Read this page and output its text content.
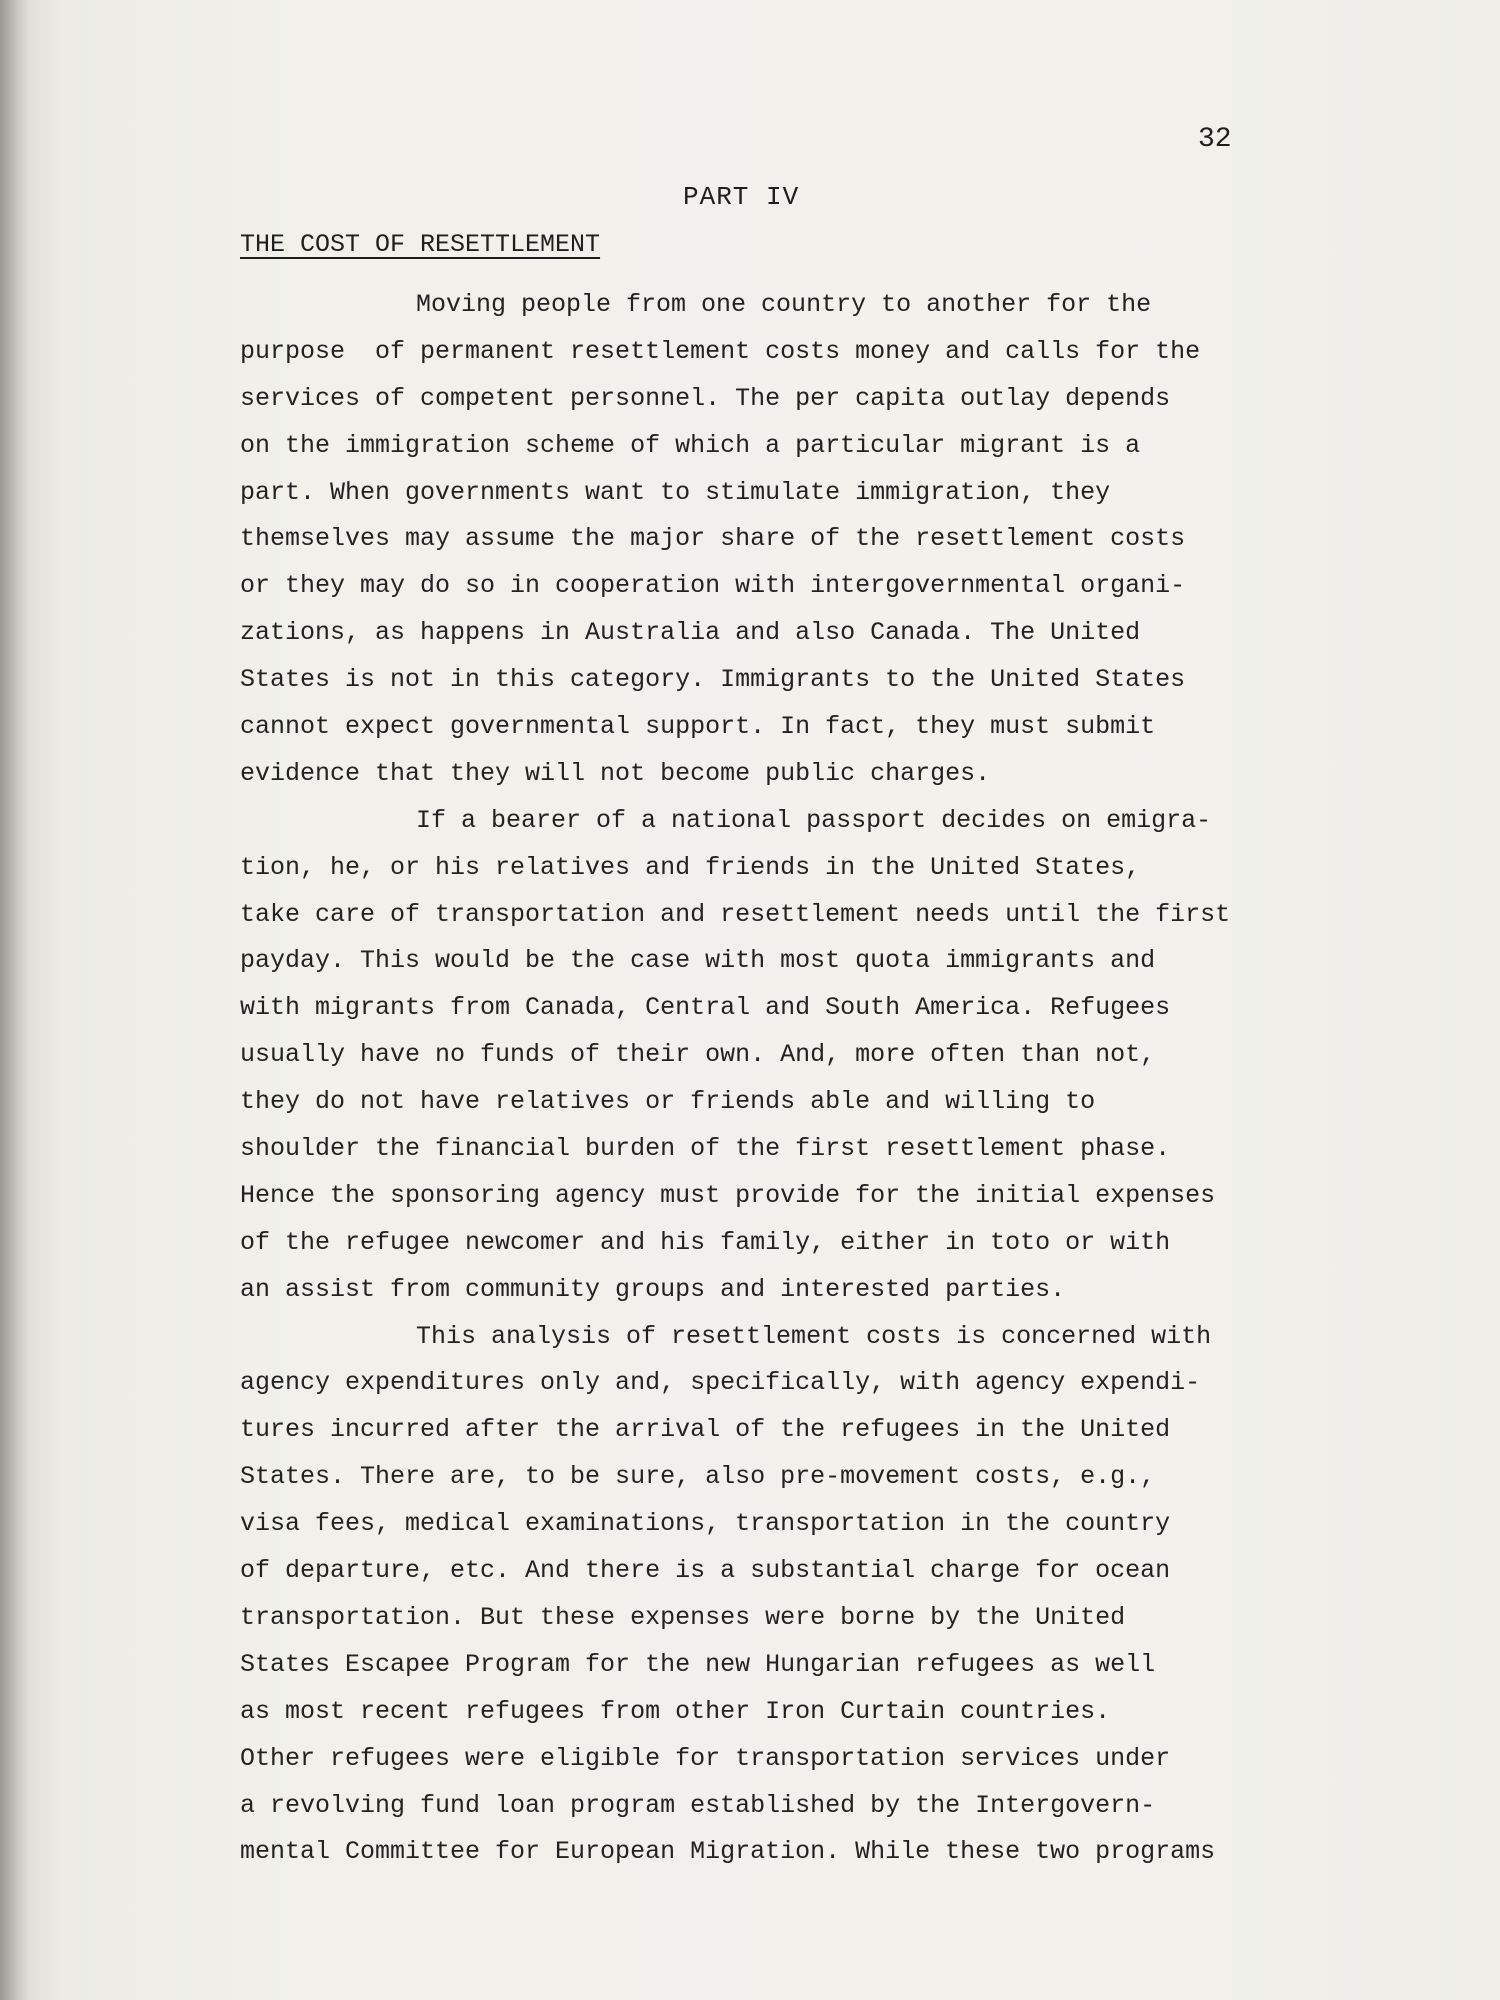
32

PART IV

THE COST OF RESETTLEMENT

Moving people from one country to another for the
purpose  of permanent resettlement costs money and calls for the
services of competent personnel. The per capita outlay depends
on the immigration scheme of which a particular migrant is a
part. When governments want to stimulate immigration, they
themselves may assume the major share of the resettlement costs
or they may do so in cooperation with intergovernmental organi-
zations, as happens in Australia and also Canada. The United
States is not in this category. Immigrants to the United States
cannot expect governmental support. In fact, they must submit
evidence that they will not become public charges.
If a bearer of a national passport decides on emigra-
tion, he, or his relatives and friends in the United States,
take care of transportation and resettlement needs until the first
payday. This would be the case with most quota immigrants and
with migrants from Canada, Central and South America. Refugees
usually have no funds of their own. And, more often than not,
they do not have relatives or friends able and willing to
shoulder the financial burden of the first resettlement phase.
Hence the sponsoring agency must provide for the initial expenses
of the refugee newcomer and his family, either in toto or with
an assist from community groups and interested parties.
This analysis of resettlement costs is concerned with
agency expenditures only and, specifically, with agency expendi-
tures incurred after the arrival of the refugees in the United
States. There are, to be sure, also pre-movement costs, e.g.,
visa fees, medical examinations, transportation in the country
of departure, etc. And there is a substantial charge for ocean
transportation. But these expenses were borne by the United
States Escapee Program for the new Hungarian refugees as well
as most recent refugees from other Iron Curtain countries.
Other refugees were eligible for transportation services under
a revolving fund loan program established by the Intergovern-
mental Committee for European Migration. While these two programs
